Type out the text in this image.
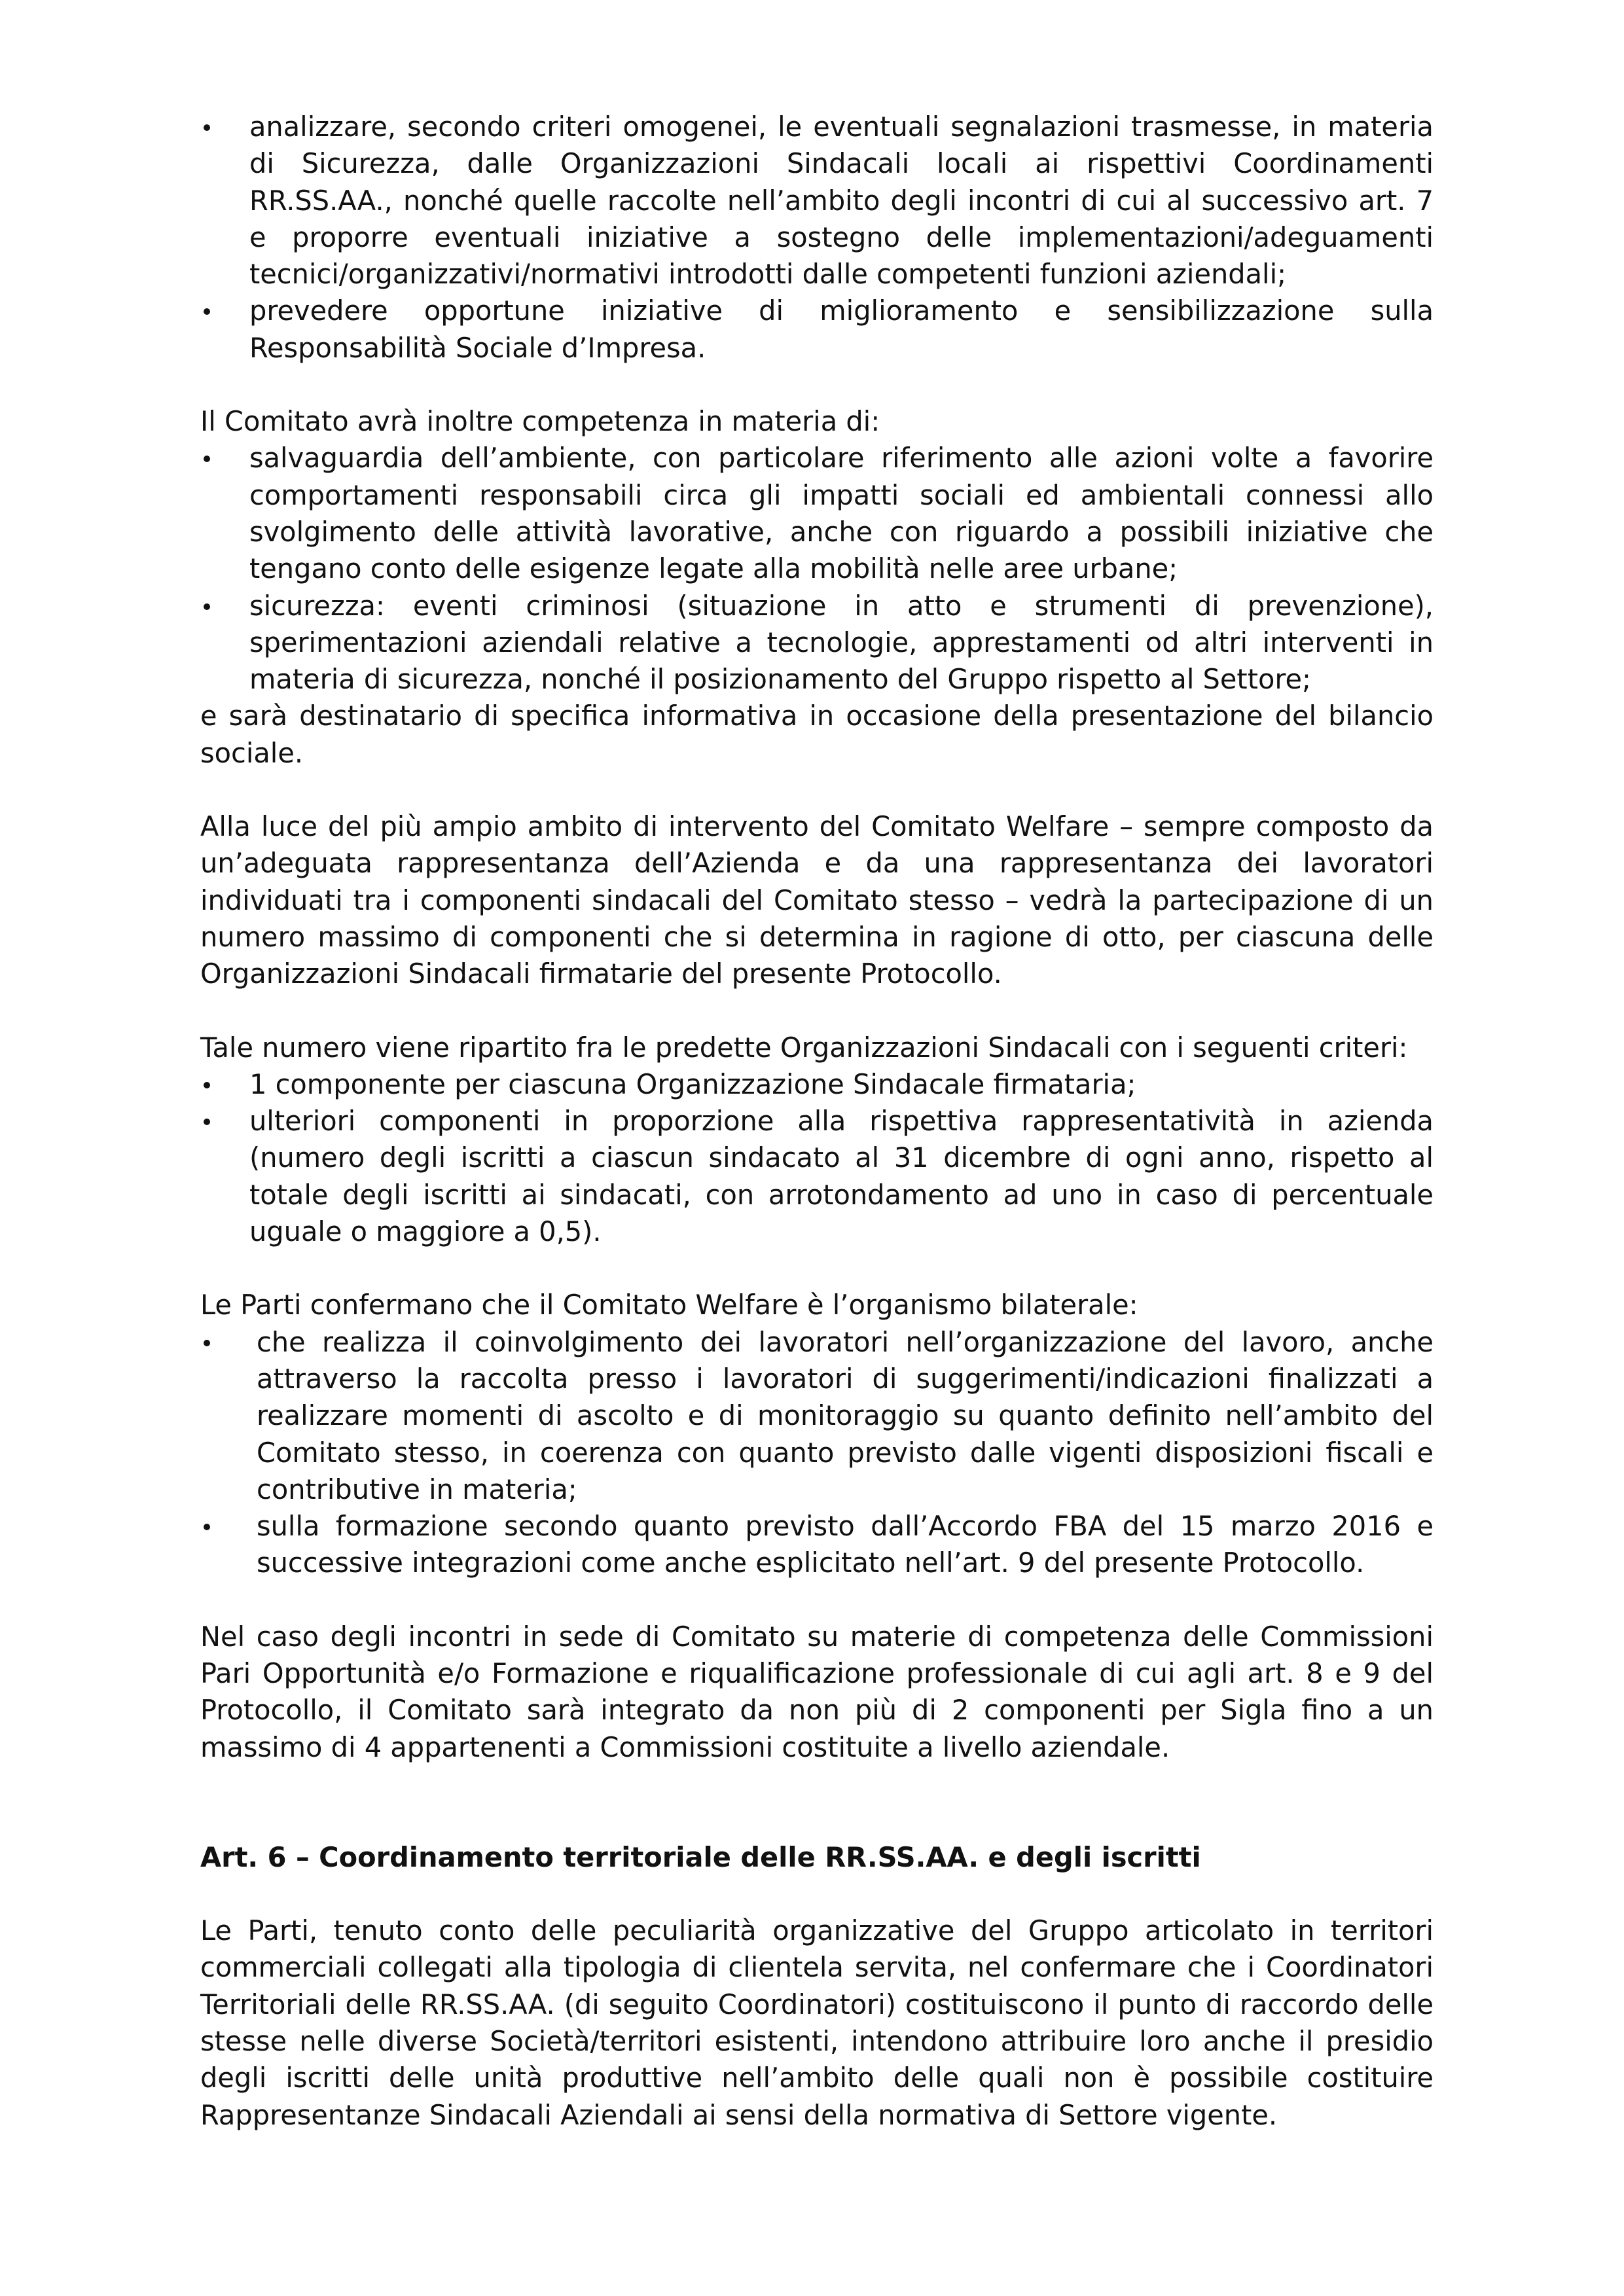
analizzare, secondo criteri omogenei, le eventuali segnalazioni trasmesse, in materia di Sicurezza, dalle Organizzazioni Sindacali locali ai rispettivi Coordinamenti RR.SS.AA., nonché quelle raccolte nell’ambito degli incontri di cui al successivo art. 7 e proporre eventuali iniziative a sostegno delle implementazioni/adeguamenti tecnici/organizzativi/normativi introdotti dalle competenti funzioni aziendali;
prevedere opportune iniziative di miglioramento e sensibilizzazione sulla Responsabilità Sociale d’Impresa.

Il Comitato avrà inoltre competenza in materia di:

salvaguardia dell’ambiente, con particolare riferimento alle azioni volte a favorire comportamenti responsabili circa gli impatti sociali ed ambientali connessi allo svolgimento delle attività lavorative, anche con riguardo a possibili iniziative che tengano conto delle esigenze legate alla mobilità nelle aree urbane;
sicurezza: eventi criminosi (situazione in atto e strumenti di prevenzione), sperimentazioni aziendali relative a tecnologie, apprestamenti od altri interventi in materia di sicurezza, nonché il posizionamento del Gruppo rispetto al Settore;

e sarà destinatario di specifica informativa in occasione della presentazione del bilancio sociale.

Alla luce del più ampio ambito di intervento del Comitato Welfare – sempre composto da un’adeguata rappresentanza dell’Azienda e da una rappresentanza dei lavoratori individuati tra i componenti sindacali del Comitato stesso – vedrà la partecipazione di un numero massimo di componenti che si determina in ragione di otto, per ciascuna delle Organizzazioni Sindacali firmatarie del presente Protocollo.

Tale numero viene ripartito fra le predette Organizzazioni Sindacali con i seguenti criteri:

1 componente per ciascuna Organizzazione Sindacale firmataria;
ulteriori componenti in proporzione alla rispettiva rappresentatività in azienda (numero degli iscritti a ciascun sindacato al 31 dicembre di ogni anno, rispetto al totale degli iscritti ai sindacati, con arrotondamento ad uno in caso di percentuale uguale o maggiore a 0,5).

Le Parti confermano che il Comitato Welfare è l’organismo bilaterale:

che realizza il coinvolgimento dei lavoratori nell’organizzazione del lavoro, anche attraverso la raccolta presso i lavoratori di suggerimenti/indicazioni finalizzati a realizzare momenti di ascolto e di monitoraggio su quanto definito nell’ambito del Comitato stesso, in coerenza con quanto previsto dalle vigenti disposizioni fiscali e contributive in materia;
sulla formazione secondo quanto previsto dall’Accordo FBA del 15 marzo 2016 e successive integrazioni come anche esplicitato nell’art. 9 del presente Protocollo.

Nel caso degli incontri in sede di Comitato su materie di competenza delle Commissioni Pari Opportunità e/o Formazione e riqualificazione professionale di cui agli art. 8 e 9 del Protocollo, il Comitato sarà integrato da non più di 2 componenti per Sigla fino a un massimo di 4 appartenenti a Commissioni costituite a livello aziendale.

Art. 6 – Coordinamento territoriale delle RR.SS.AA. e degli iscritti

Le Parti, tenuto conto delle peculiarità organizzative del Gruppo articolato in territori commerciali collegati alla tipologia di clientela servita, nel confermare che i Coordinatori Territoriali delle RR.SS.AA. (di seguito Coordinatori) costituiscono il punto di raccordo delle stesse nelle diverse Società/territori esistenti, intendono attribuire loro anche il presidio degli iscritti delle unità produttive nell’ambito delle quali non è possibile costituire Rappresentanze Sindacali Aziendali ai sensi della normativa di Settore vigente.
